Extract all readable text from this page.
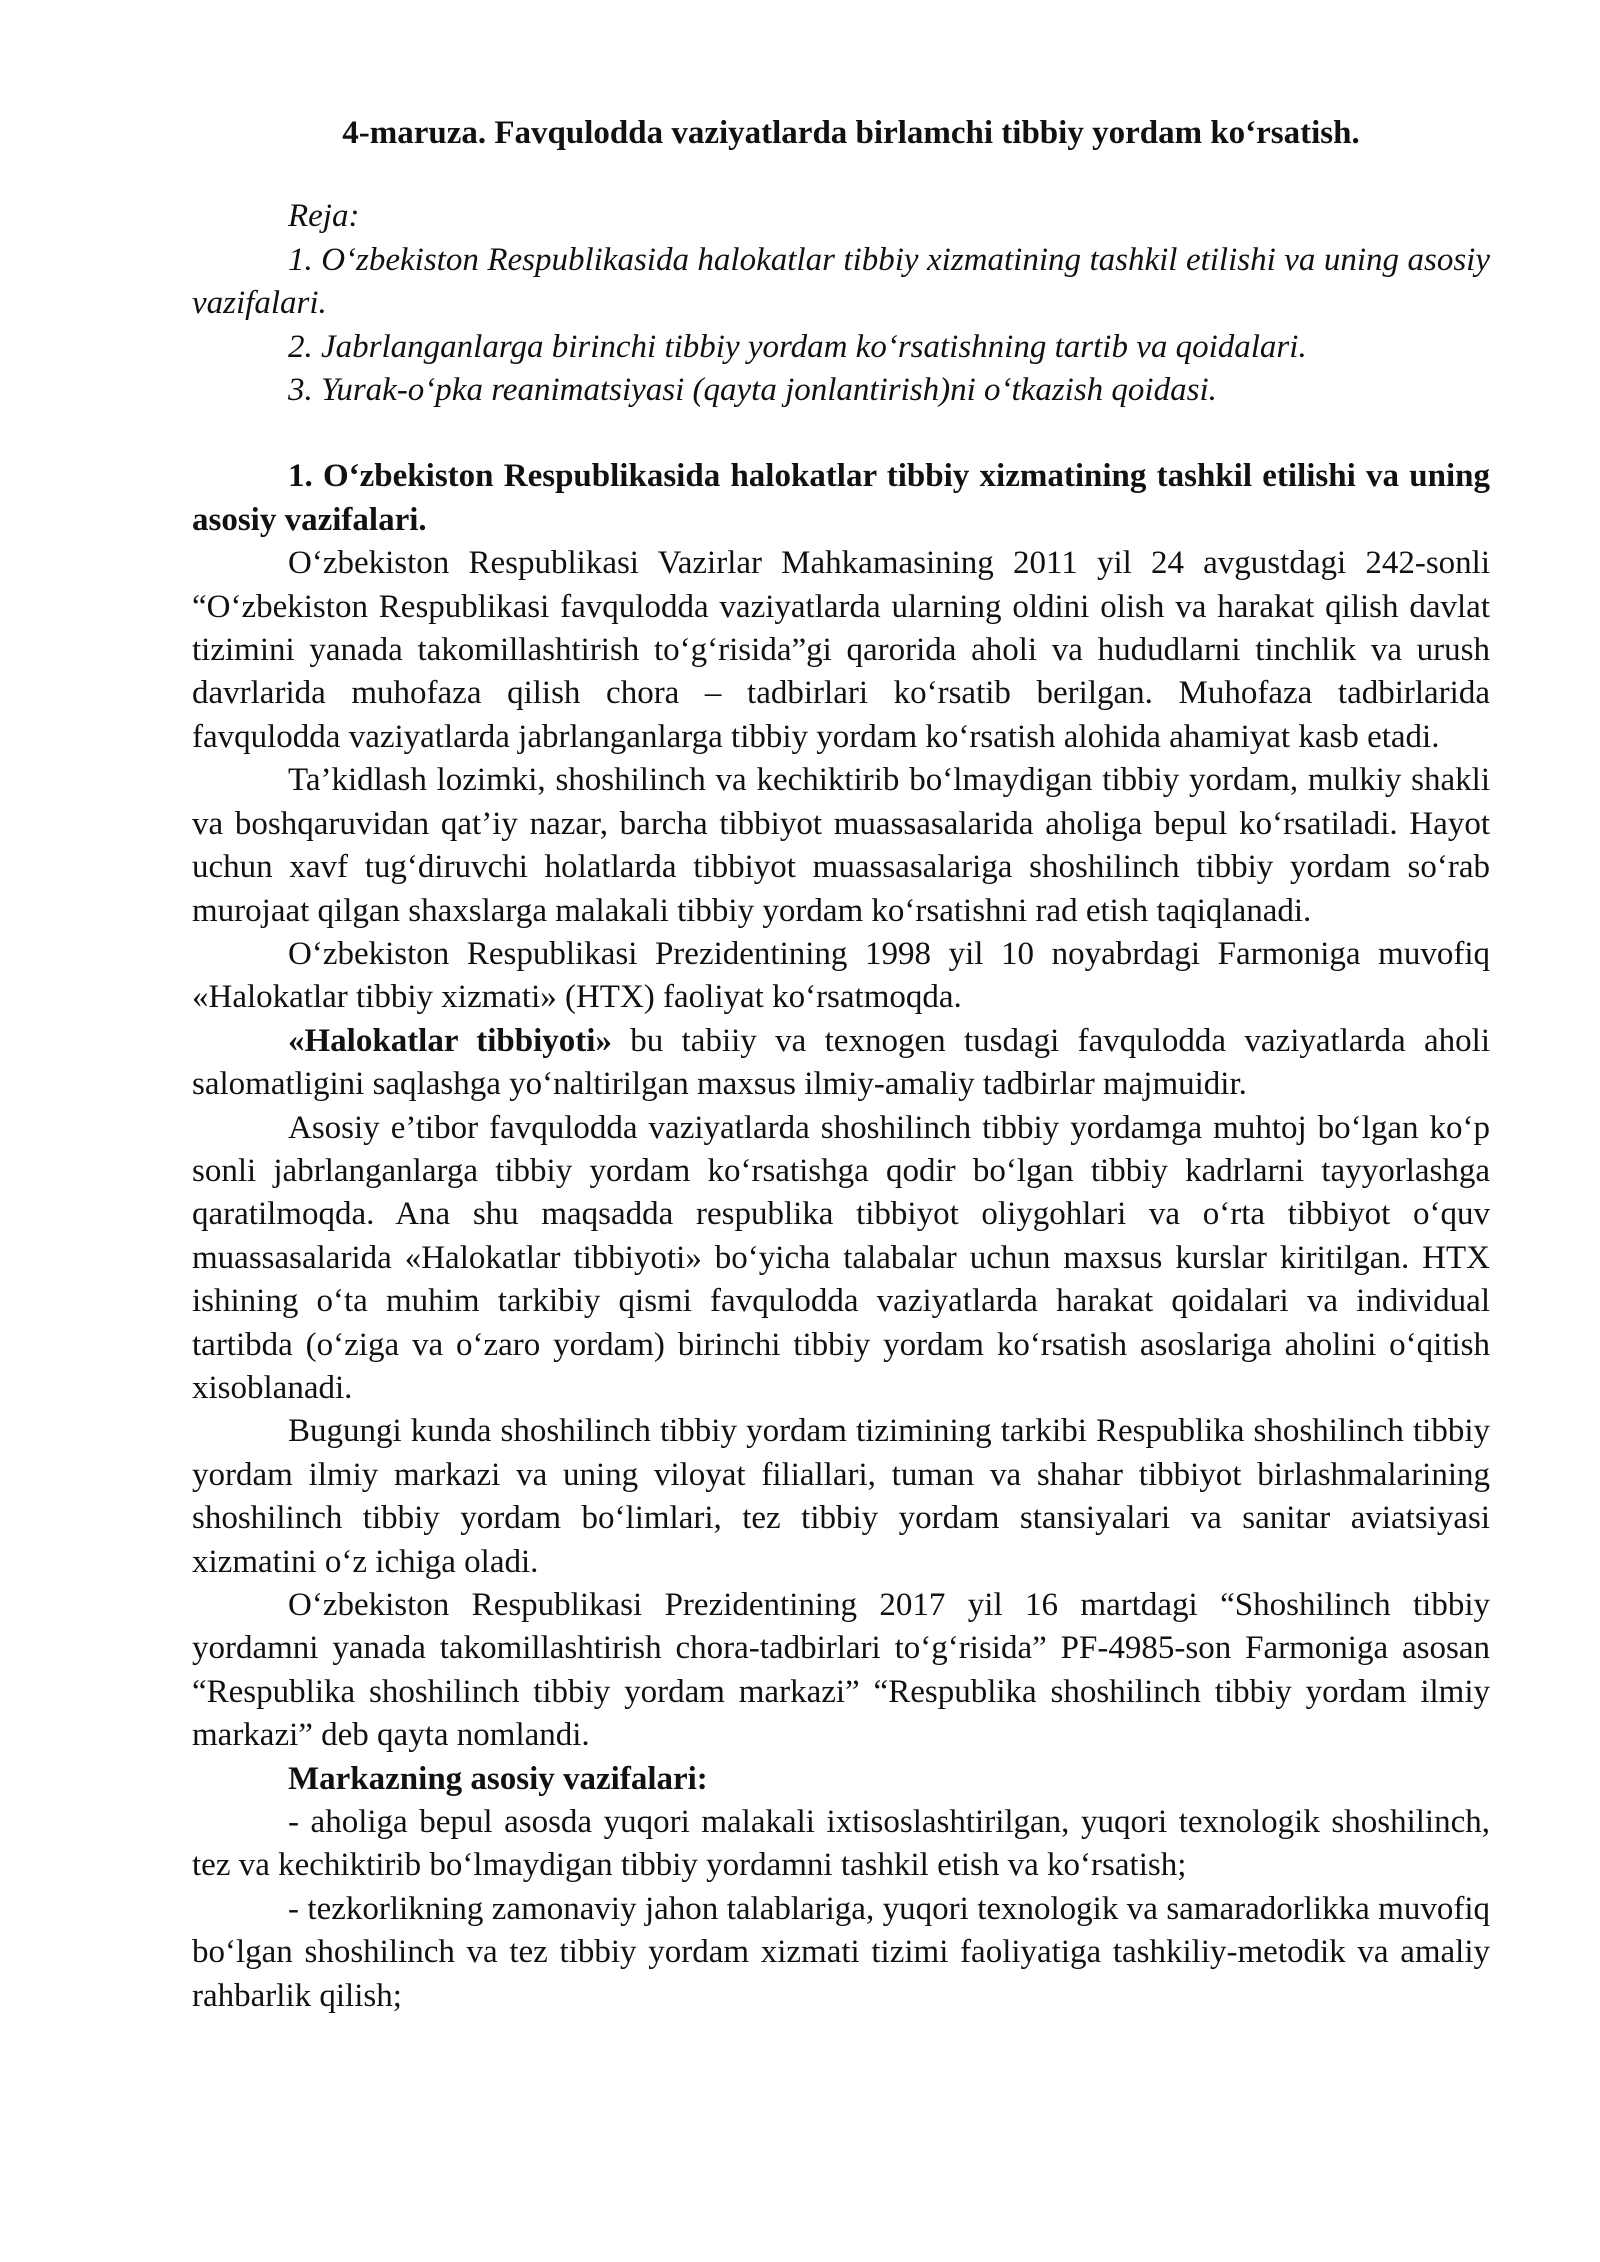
4-maruza. Favqulodda vaziyatlarda birlamchi tibbiy yordam ko‘rsatish.
Reja:
1. O‘zbekiston Respublikasida halokatlar tibbiy xizmatining tashkil etilishi va uning asosiy vazifalari.
2. Jabrlanganlarga birinchi tibbiy yordam ko‘rsatishning tartib va qoidalari.
3. Yurak-o‘pka reanimatsiyasi (qayta jonlantirish)ni o‘tkazish qoidasi.
1. O‘zbekiston Respublikasida halokatlar tibbiy xizmatining tashkil etilishi va uning asosiy vazifalari.
O‘zbekiston Respublikasi Vazirlar Mahkamasining 2011 yil 24 avgustdagi 242-sonli “O‘zbekiston Respublikasi favqulodda vaziyatlarda ularning oldini olish va harakat qilish davlat tizimini yanada takomillashtirish to‘g‘risida”gi qarorida aholi va hududlarni tinchlik va urush davrlarida muhofaza qilish chora – tadbirlari ko‘rsatib berilgan. Muhofaza tadbirlarida favqulodda vaziyatlarda jabrlanganlarga tibbiy yordam ko‘rsatish alohida ahamiyat kasb etadi.
Ta’kidlash lozimki, shoshilinch va kechiktirib bo‘lmaydigan tibbiy yordam, mulkiy shakli va boshqaruvidan qat’iy nazar, barcha tibbiyot muassasalarida aholiga bepul ko‘rsatiladi. Hayot uchun xavf tug‘diruvchi holatlarda tibbiyot muassasalariga shoshilinch tibbiy yordam so‘rab murojaat qilgan shaxslarga malakali tibbiy yordam ko‘rsatishni rad etish taqiqlanadi.
O‘zbekiston Respublikasi Prezidentining 1998 yil 10 noyabrdagi Farmoniga muvofiq «Halokatlar tibbiy xizmati» (HTX) faoliyat ko‘rsatmoqda.
«Halokatlar tibbiyoti» bu tabiiy va texnogen tusdagi favqulodda vaziyatlarda aholi salomatligini saqlashga yo‘naltirilgan maxsus ilmiy-amaliy tadbirlar majmuidir.
Asosiy e’tibor favqulodda vaziyatlarda shoshilinch tibbiy yordamga muhtoj bo‘lgan ko‘p sonli jabrlanganlarga tibbiy yordam ko‘rsatishga qodir bo‘lgan tibbiy kadrlarni tayyorlashga qaratilmoqda. Ana shu maqsadda respublika tibbiyot oliygohlari va o‘rta tibbiyot o‘quv muassasalarida «Halokatlar tibbiyoti» bo‘yicha talabalar uchun maxsus kurslar kiritilgan. HTX ishining o‘ta muhim tarkibiy qismi favqulodda vaziyatlarda harakat qoidalari va individual tartibda (o‘ziga va o‘zaro yordam) birinchi tibbiy yordam ko‘rsatish asoslariga aholini o‘qitish xisoblanadi.
Bugungi kunda shoshilinch tibbiy yordam tizimining tarkibi Respublika shoshilinch tibbiy yordam ilmiy markazi va uning viloyat filiallari, tuman va shahar tibbiyot birlashmalarining shoshilinch tibbiy yordam bo‘limlari, tez tibbiy yordam stansiyalari va sanitar aviatsiyasi xizmatini o‘z ichiga oladi.
O‘zbekiston Respublikasi Prezidentining 2017 yil 16 martdagi “Shoshilinch tibbiy yordamni yanada takomillashtirish chora-tadbirlari to‘g‘risida” PF-4985-son Farmoniga asosan “Respublika shoshilinch tibbiy yordam markazi” “Respublika shoshilinch tibbiy yordam ilmiy markazi” deb qayta nomlandi.
Markazning asosiy vazifalari:
- aholiga bepul asosda yuqori malakali ixtisoslashtirilgan, yuqori texnologik shoshilinch, tez va kechiktirib bo‘lmaydigan tibbiy yordamni tashkil etish va ko‘rsatish;
- tezkorlikning zamonaviy jahon talablariga, yuqori texnologik va samaradorlikka muvofiq bo‘lgan shoshilinch va tez tibbiy yordam xizmati tizimi faoliyatiga tashkiliy-metodik va amaliy rahbarlik qilish;
